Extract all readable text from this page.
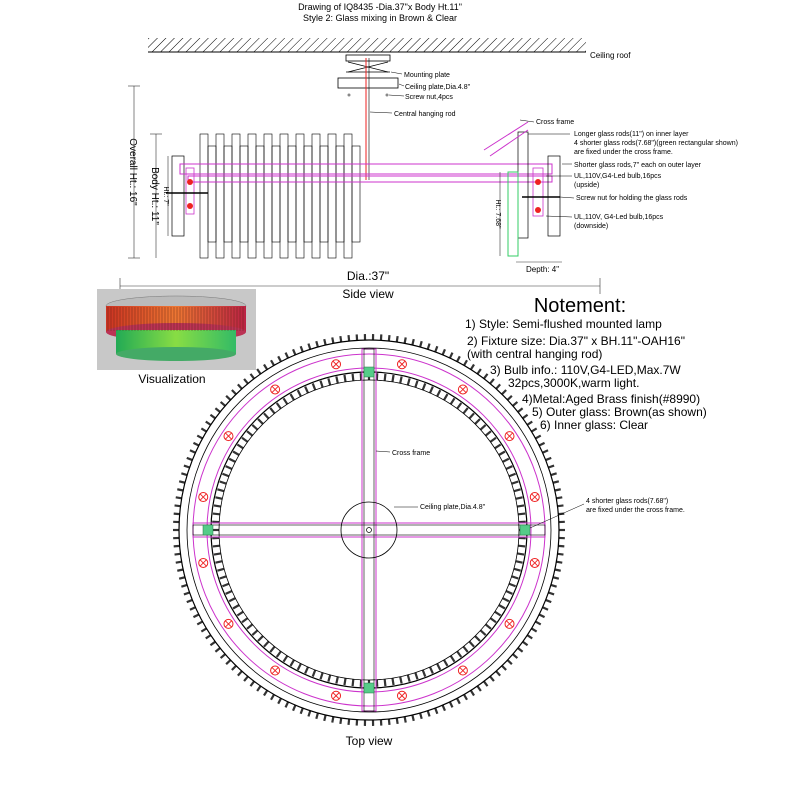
Drawing of IQ8435 -Dia.37"x Body Ht.11"
Style 2: Glass mixing in Brown & Clear
Ceiling roof
Mounting plate
Ceiling plate,Dia.4.8"
Screw nut,4pcs
Central hanging rod
Cross frame
Longer glass rods(11") on inner layer
4 shorter glass rods(7.68")(green rectangular shown)
are fixed under the cross frame.
Shorter glass rods,7" each on outer layer
UL,110V,G4-Led bulb,16pcs
(upside)
Screw nut for holding the glass rods
UL,110V, G4-Led bulb,16pcs
(downside)
Overall Ht.: 16" Body Ht.: 11" Ht.: 7"
Ht.: 7.68"
Depth: 4"
Dia.:37"
Side view
Visualization
Notement:
1) Style: Semi-flushed mounted lamp
2) Fixture size: Dia.37" x BH.11"-OAH16"
(with central hanging rod)
3) Bulb info.: 110V,G4-LED,Max.7W
32pcs,3000K,warm light.
4)Metal:Aged Brass finish(#8990)
5) Outer glass: Brown(as shown)
6) Inner glass: Clear
Cross frame
Ceiling plate,Dia.4.8"
4 shorter glass rods(7.68")
are fixed under the cross frame.
Top view
